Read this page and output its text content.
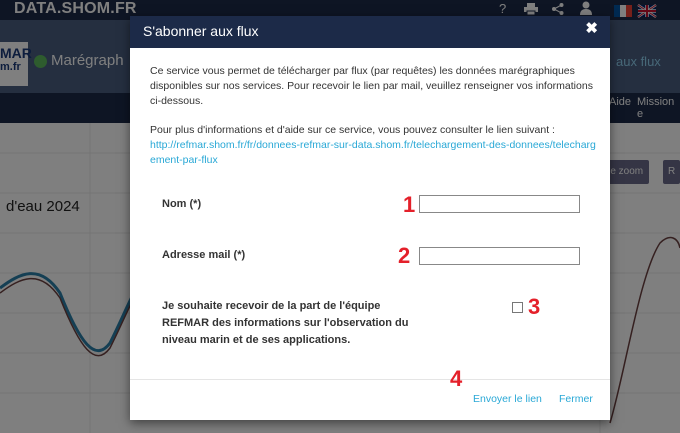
S'abonner aux flux	✖

Ce service vous permet de télécharger par flux (par requêtes) les données marégraphiques disponibles sur nos services. Pour recevoir le lien par mail, veuillez renseigner vos informations ci-dessous.

Pour plus d'informations et d'aide sur ce service, vous pouvez consulter le lien suivant :
http://refmar.shom.fr/fr/donnees-refmar-sur-data.shom.fr/telechargement-des-donnees/telechargement-par-flux

Nom (*)	1
Adresse mail (*)	2
Je souhaite recevoir de la part de l'équipe REFMAR des informations sur l'observation du niveau marin et de ses applications.
3
4
Envoyer le lien Fermer
